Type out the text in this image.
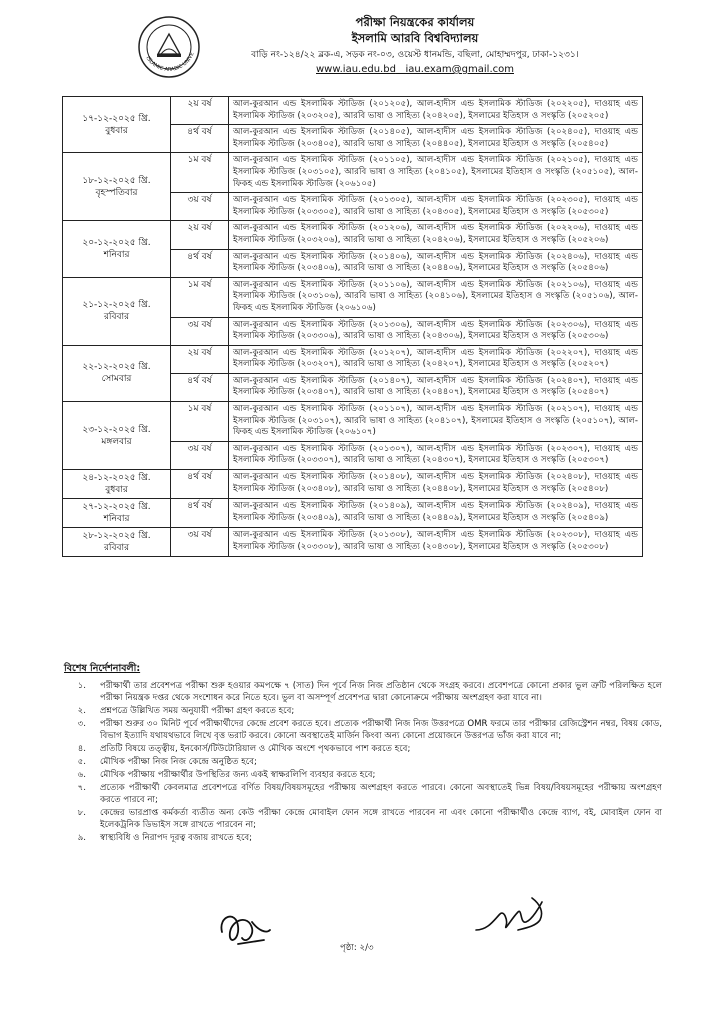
ISLAMIC ARABIC UNIVE
পরীক্ষা নিয়ন্ত্রকের কার্যালয়
ইসলামি আরবি বিশ্ববিদ্যালয়
বাড়ি নং-১২৪/২২ ব্লক-এ, সড়ক নং-০৩, ওয়েস্ট ধানমন্ডি, বছিলা, মোহাম্মদপুর, ঢাকা-১২৩১।
www.iau.edu.bd iau.exam@gmail.com
১৭-১২-২০২৫ খ্রি.
বুধবার	২য় বর্ষ	আল-কুরআন এন্ড ইসলামিক স্টাডিজ (২০১২০৫), আল-হাদীস এন্ড ইসলামিক স্টাডিজ (২০২২০৫), দাওয়াহ এন্ড ইসলামিক স্টাডিজ (২০৩২০৫), আরবি ভাষা ও সাহিত্য (২০৪২০৫), ইসলামের ইতিহাস ও সংস্কৃতি (২০৫২০৫)
	৪র্থ বর্ষ	আল-কুরআন এন্ড ইসলামিক স্টাডিজ (২০১৪০৫), আল-হাদীস এন্ড ইসলামিক স্টাডিজ (২০২৪০৫), দাওয়াহ এন্ড ইসলামিক স্টাডিজ (২০৩৪০৫), আরবি ভাষা ও সাহিত্য (২০৪৪০৫), ইসলামের ইতিহাস ও সংস্কৃতি (২০৫৪০৫)

১৮-১২-২০২৫ খ্রি.
বৃহস্পতিবার	১ম বর্ষ	আল-কুরআন এন্ড ইসলামিক স্টাডিজ (২০১১০৫), আল-হাদীস এন্ড ইসলামিক স্টাডিজ (২০২১০৫), দাওয়াহ এন্ড ইসলামিক স্টাডিজ (২০৩১০৫), আরবি ভাষা ও সাহিত্য (২০৪১০৫), ইসলামের ইতিহাস ও সংস্কৃতি (২০৫১০৫), আল-ফিকহ এন্ড ইসলামিক স্টাডিজ (২০৬১০৫)
	৩য় বর্ষ	আল-কুরআন এন্ড ইসলামিক স্টাডিজ (২০১৩০৫), আল-হাদীস এন্ড ইসলামিক স্টাডিজ (২০২৩০৫), দাওয়াহ এন্ড ইসলামিক স্টাডিজ (২০৩৩০৫), আরবি ভাষা ও সাহিত্য (২০৪৩০৫), ইসলামের ইতিহাস ও সংস্কৃতি (২০৫৩০৫)

২০-১২-২০২৫ খ্রি.
শনিবার	২য় বর্ষ	আল-কুরআন এন্ড ইসলামিক স্টাডিজ (২০১২০৬), আল-হাদীস এন্ড ইসলামিক স্টাডিজ (২০২২০৬), দাওয়াহ এন্ড ইসলামিক স্টাডিজ (২০৩২০৬), আরবি ভাষা ও সাহিত্য (২০৪২০৬), ইসলামের ইতিহাস ও সংস্কৃতি (২০৫২০৬)
	৪র্থ বর্ষ	আল-কুরআন এন্ড ইসলামিক স্টাডিজ (২০১৪০৬), আল-হাদীস এন্ড ইসলামিক স্টাডিজ (২০২৪০৬), দাওয়াহ এন্ড ইসলামিক স্টাডিজ (২০৩৪০৬), আরবি ভাষা ও সাহিত্য (২০৪৪০৬), ইসলামের ইতিহাস ও সংস্কৃতি (২০৫৪০৬)

২১-১২-২০২৫ খ্রি.
রবিবার	১ম বর্ষ	আল-কুরআন এন্ড ইসলামিক স্টাডিজ (২০১১০৬), আল-হাদীস এন্ড ইসলামিক স্টাডিজ (২০২১০৬), দাওয়াহ এন্ড ইসলামিক স্টাডিজ (২০৩১০৬), আরবি ভাষা ও সাহিত্য (২০৪১০৬), ইসলামের ইতিহাস ও সংস্কৃতি (২০৫১০৬), আল-ফিকহ এন্ড ইসলামিক স্টাডিজ (২০৬১০৬)
	৩য় বর্ষ	আল-কুরআন এন্ড ইসলামিক স্টাডিজ (২০১৩০৬), আল-হাদীস এন্ড ইসলামিক স্টাডিজ (২০২৩০৬), দাওয়াহ এন্ড ইসলামিক স্টাডিজ (২০৩৩০৬), আরবি ভাষা ও সাহিত্য (২০৪৩০৬), ইসলামের ইতিহাস ও সংস্কৃতি (২০৫৩০৬)

২২-১২-২০২৫ খ্রি.
সোমবার	২য় বর্ষ	আল-কুরআন এন্ড ইসলামিক স্টাডিজ (২০১২০৭), আল-হাদীস এন্ড ইসলামিক স্টাডিজ (২০২২০৭), দাওয়াহ এন্ড ইসলামিক স্টাডিজ (২০৩২০৭), আরবি ভাষা ও সাহিত্য (২০৪২০৭), ইসলামের ইতিহাস ও সংস্কৃতি (২০৫২০৭)
	৪র্থ বর্ষ	আল-কুরআন এন্ড ইসলামিক স্টাডিজ (২০১৪০৭), আল-হাদীস এন্ড ইসলামিক স্টাডিজ (২০২৪০৭), দাওয়াহ এন্ড ইসলামিক স্টাডিজ (২০৩৪০৭), আরবি ভাষা ও সাহিত্য (২০৪৪০৭), ইসলামের ইতিহাস ও সংস্কৃতি (২০৫৪০৭)

২৩-১২-২০২৫ খ্রি.
মঙ্গলবার	১ম বর্ষ	আল-কুরআন এন্ড ইসলামিক স্টাডিজ (২০১১০৭), আল-হাদীস এন্ড ইসলামিক স্টাডিজ (২০২১০৭), দাওয়াহ এন্ড ইসলামিক স্টাডিজ (২০৩১০৭), আরবি ভাষা ও সাহিত্য (২০৪১০৭), ইসলামের ইতিহাস ও সংস্কৃতি (২০৫১০৭), আল-ফিকহ এন্ড ইসলামিক স্টাডিজ (২০৬১০৭)
	৩য় বর্ষ	আল-কুরআন এন্ড ইসলামিক স্টাডিজ (২০১৩০৭), আল-হাদীস এন্ড ইসলামিক স্টাডিজ (২০২৩০৭), দাওয়াহ এন্ড ইসলামিক স্টাডিজ (২০৩৩০৭), আরবি ভাষা ও সাহিত্য (২০৪৩০৭), ইসলামের ইতিহাস ও সংস্কৃতি (২০৫৩০৭)

২৪-১২-২০২৫ খ্রি.
বুধবার	৪র্থ বর্ষ	আল-কুরআন এন্ড ইসলামিক স্টাডিজ (২০১৪০৮), আল-হাদীস এন্ড ইসলামিক স্টাডিজ (২০২৪০৮), দাওয়াহ এন্ড ইসলামিক স্টাডিজ (২০৩৪০৮), আরবি ভাষা ও সাহিত্য (২০৪৪০৮), ইসলামের ইতিহাস ও সংস্কৃতি (২০৫৪০৮)

২৭-১২-২০২৫ খ্রি.
শনিবার	৪র্থ বর্ষ	আল-কুরআন এন্ড ইসলামিক স্টাডিজ (২০১৪০৯), আল-হাদীস এন্ড ইসলামিক স্টাডিজ (২০২৪০৯), দাওয়াহ এন্ড ইসলামিক স্টাডিজ (২০৩৪০৯), আরবি ভাষা ও সাহিত্য (২০৪৪০৯), ইসলামের ইতিহাস ও সংস্কৃতি (২০৫৪০৯)

২৮-১২-২০২৫ খ্রি.
রবিবার	৩য় বর্ষ	আল-কুরআন এন্ড ইসলামিক স্টাডিজ (২০১৩০৮), আল-হাদীস এন্ড ইসলামিক স্টাডিজ (২০২৩০৮), দাওয়াহ এন্ড ইসলামিক স্টাডিজ (২০৩৩০৮), আরবি ভাষা ও সাহিত্য (২০৪৩০৮), ইসলামের ইতিহাস ও সংস্কৃতি (২০৫৩০৮)
বিশেষ নির্দেশনাবলী:
১.	পরীক্ষার্থী তার প্রবেশপত্র পরীক্ষা শুরু হওয়ার কমপক্ষে ৭ (সাত) দিন পূর্বে নিজ নিজ প্রতিষ্ঠান থেকে সংগ্রহ করবে। প্রবেশপত্রে কোনো প্রকার ভুল ত্রুটি পরিলক্ষিত হলে পরীক্ষা নিয়ন্ত্রক দপ্তর থেকে সংশোধন করে নিতে হবে। ভুল বা অসম্পূর্ণ প্রবেশপত্র দ্বারা কোনোক্রমে পরীক্ষায় অংশগ্রহণ করা যাবে না।
২.	প্রশ্নপত্রে উল্লিখিত সময় অনুযায়ী পরীক্ষা গ্রহণ করতে হবে;
৩.	পরীক্ষা শুরুর ৩০ মিনিট পূর্বে পরীক্ষার্থীদের কেন্দ্রে প্রবেশ করতে হবে। প্রত্যেক পরীক্ষার্থী নিজ নিজ উত্তরপত্রে OMR ফরমে তার পরীক্ষার রেজিস্ট্রেশন নম্বর, বিষয় কোড, বিভাগ ইত্যাদি যথাযথভাবে লিখে বৃত্ত ভরাট করবে। কোনো অবস্থাতেই মার্জিন কিংবা অন্য কোনো প্রয়োজনে উত্তরপত্র ভাঁজ করা যাবে না;
৪.	প্রতিটি বিষয়ে তত্ত্বীয়, ইনকোর্স/টিউটোরিয়াল ও মৌখিক অংশে পৃথকভাবে পাশ করতে হবে;
৫.	মৌখিক পরীক্ষা নিজ নিজ কেন্দ্রে অনুষ্ঠিত হবে;
৬.	মৌখিক পরীক্ষায় পরীক্ষার্থীর উপস্থিতির জন্য একই স্বাক্ষরলিপি ব্যবহার করতে হবে;
৭.	প্রত্যেক পরীক্ষার্থী কেবলমাত্র প্রবেশপত্রে বর্ণিত বিষয়/বিষয়সমূহের পরীক্ষায় অংশগ্রহণ করতে পারবে। কোনো অবস্থাতেই ভিন্ন বিষয়/বিষয়সমূহের পরীক্ষায় অংশগ্রহণ করতে পারবে না;
৮.	কেন্দ্রের ভারপ্রাপ্ত কর্মকর্তা ব্যতীত অন্য কেউ পরীক্ষা কেন্দ্রে মোবাইল ফোন সঙ্গে রাখতে পারবেন না এবং কোনো পরীক্ষার্থীও কেন্দ্রে ব্যাগ, বই, মোবাইল ফোন বা ইলেকট্রনিক ডিভাইস সঙ্গে রাখতে পারবেন না;
৯.	স্বাস্থ্যবিধি ও নিরাপদ দূরত্ব বজায় রাখতে হবে;
পৃষ্ঠা: ২/৩
